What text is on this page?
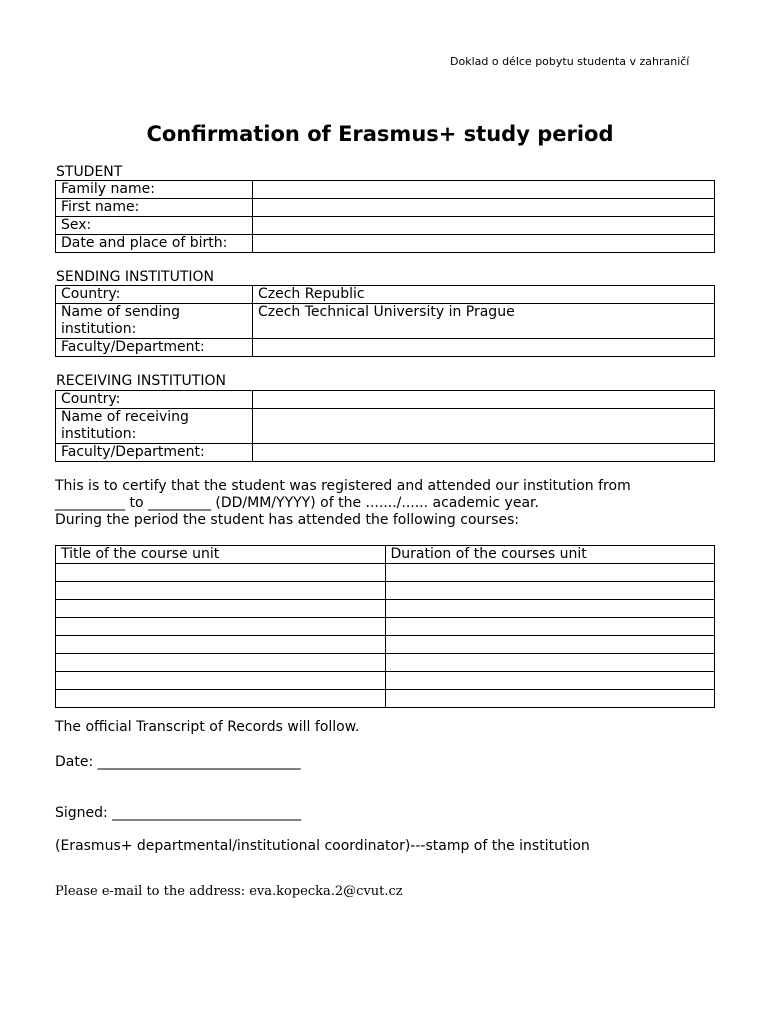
Doklad o délce pobytu studenta v zahraničí
Confirmation of Erasmus+ study period
STUDENT
Family name:	
First name:	
Sex:	
Date and place of birth:	
SENDING INSTITUTION
Country:	Czech Republic
Name of sending institution:	Czech Technical University in Prague
Faculty/Department:	
RECEIVING INSTITUTION
Country:	
Name of receiving institution:	
Faculty/Department:	
This is to certify that the student was registered and attended our institution from
__________ to _________ (DD/MM/YYYY) of the ......./...... academic year.
During the period the student has attended the following courses:
Title of the course unit	Duration of the courses unit

The official Transcript of Records will follow.
Date: _____________________________
Signed: ___________________________
(Erasmus+ departmental/institutional coordinator)---stamp of the institution
Please e-mail to the address: eva.kopecka.2@cvut.cz
